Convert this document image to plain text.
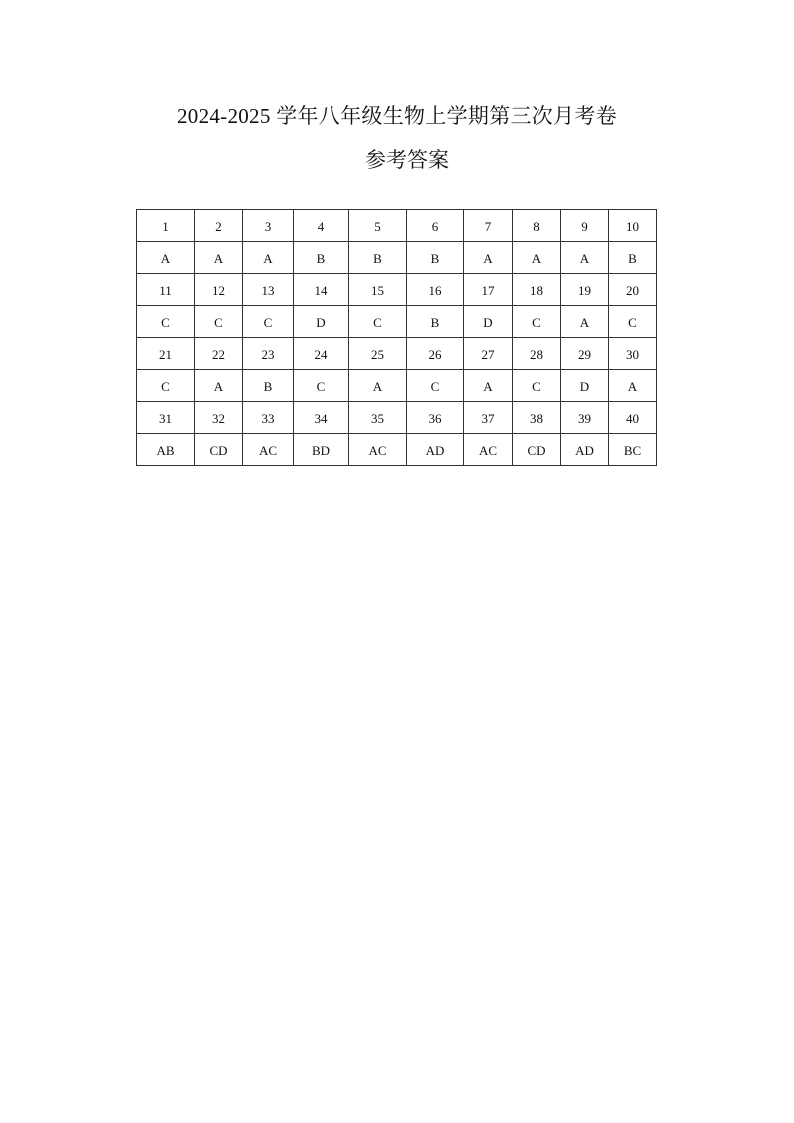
2024-2025 学年八年级生物上学期第三次月考卷
参考答案
1	2	3	4	5	6	7	8	9	10
A	A	A	B	B	B	A	A	A	B
11	12	13	14	15	16	17	18	19	20
C	C	C	D	C	B	D	C	A	C
21	22	23	24	25	26	27	28	29	30
C	A	B	C	A	C	A	C	D	A
31	32	33	34	35	36	37	38	39	40
AB	CD	AC	BD	AC	AD	AC	CD	AD	BC
